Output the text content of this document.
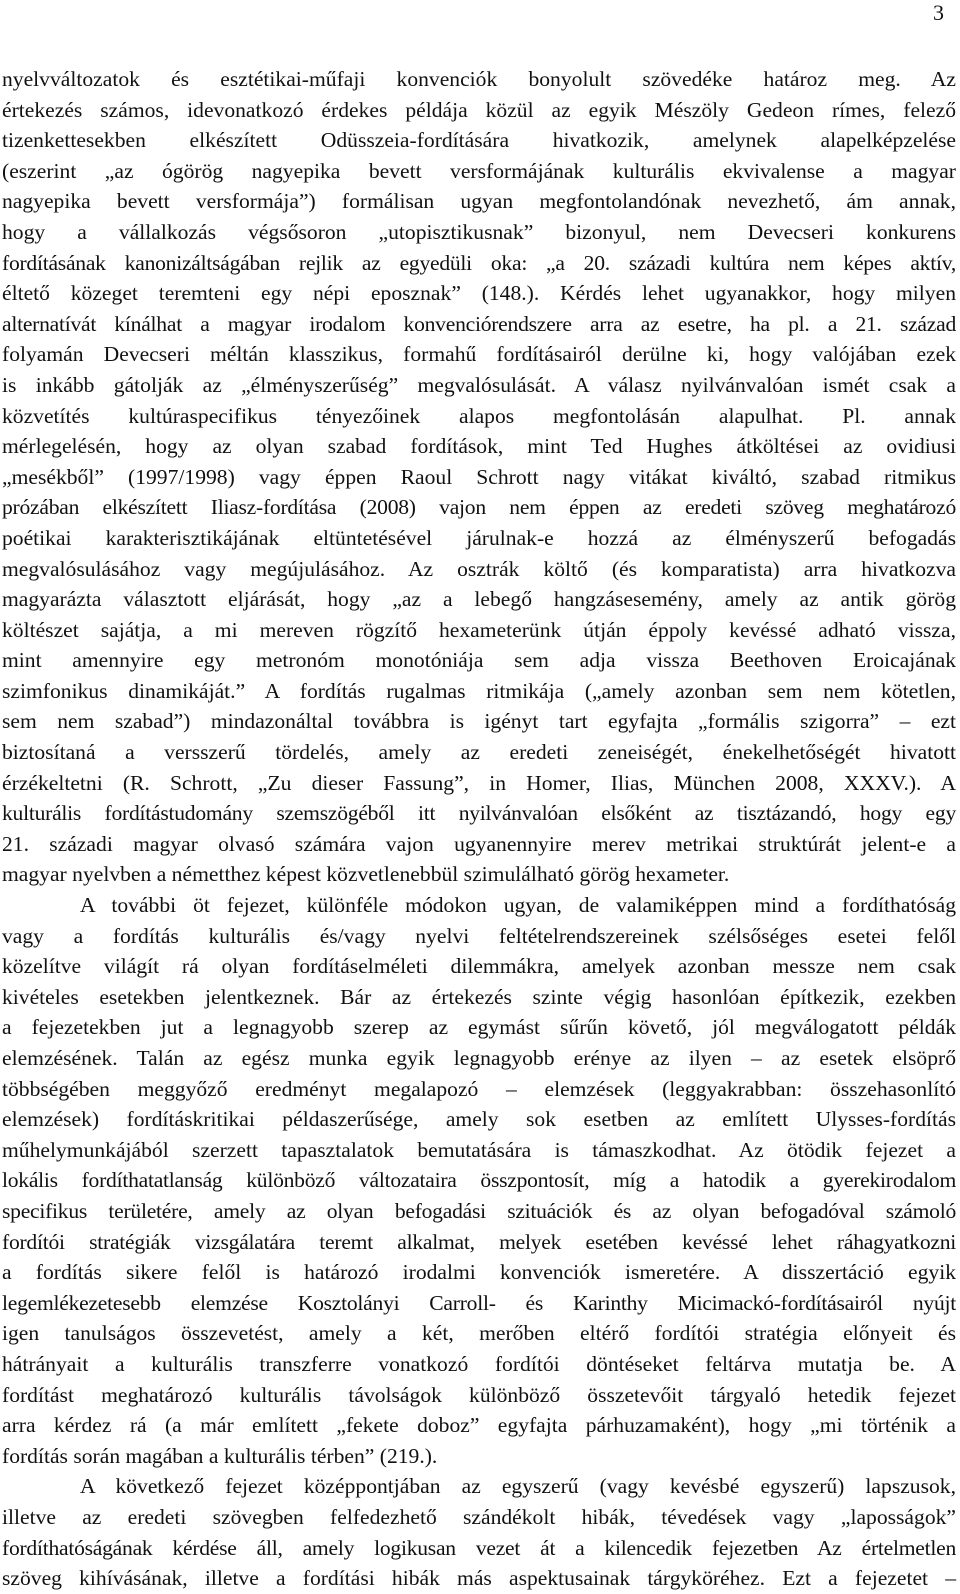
3
nyelvváltozatok és esztétikai-műfaji konvenciók bonyolult szövedéke határoz meg. Az
értekezés számos, idevonatkozó érdekes példája közül az egyik Mészöly Gedeon rímes, felező
tizenkettesekben elkészített Odüsszeia-fordítására hivatkozik, amelynek alapelképzelése
(eszerint „az ógörög nagyepika bevett versformájának kulturális ekvivalense a magyar
nagyepika bevett versformája”) formálisan ugyan megfontolandónak nevezhető, ám annak,
hogy a vállalkozás végsősoron „utopisztikusnak” bizonyul, nem Devecseri konkurens
fordításának kanonizáltságában rejlik az egyedüli oka: „a 20. századi kultúra nem képes aktív,
éltető közeget teremteni egy népi eposznak” (148.). Kérdés lehet ugyanakkor, hogy milyen
alternatívát kínálhat a magyar irodalom konvenciórendszere arra az esetre, ha pl. a 21. század
folyamán Devecseri méltán klasszikus, formahű fordításairól derülne ki, hogy valójában ezek
is inkább gátolják az „élményszerűség” megvalósulását. A válasz nyilvánvalóan ismét csak a
közvetítés kultúraspecifikus tényezőinek alapos megfontolásán alapulhat. Pl. annak
mérlegelésén, hogy az olyan szabad fordítások, mint Ted Hughes átköltései az ovidiusi
„mesékből” (1997/1998) vagy éppen Raoul Schrott nagy vitákat kiváltó, szabad ritmikus
prózában elkészített Iliasz-fordítása (2008) vajon nem éppen az eredeti szöveg meghatározó
poétikai karakterisztikájának eltüntetésével járulnak-e hozzá az élményszerű befogadás
megvalósulásához vagy megújulásához. Az osztrák költő (és komparatista) arra hivatkozva
magyarázta választott eljárását, hogy „az a lebegő hangzásesemény, amely az antik görög
költészet sajátja, a mi mereven rögzítő hexameterünk útján éppoly kevéssé adható vissza,
mint amennyire egy metronóm monotóniája sem adja vissza Beethoven Eroicajának
szimfonikus dinamikáját.” A fordítás rugalmas ritmikája („amely azonban sem nem kötetlen,
sem nem szabad”) mindazonáltal továbbra is igényt tart egyfajta „formális szigorra” – ezt
biztosítaná a versszerű tördelés, amely az eredeti zeneiségét, énekelhetőségét hivatott
érzékeltetni (R. Schrott, „Zu dieser Fassung”, in Homer, Ilias, München 2008, XXXV.). A
kulturális fordítástudomány szemszögéből itt nyilvánvalóan elsőként az tisztázandó, hogy egy
21. századi magyar olvasó számára vajon ugyanennyire merev metrikai struktúrát jelent-e a
magyar nyelvben a németthez képest közvetlenebbül szimulálható görög hexameter.
A további öt fejezet, különféle módokon ugyan, de valamiképpen mind a fordíthatóság
vagy a fordítás kulturális és/vagy nyelvi feltételrendszereinek szélsőséges esetei felől
közelítve világít rá olyan fordításelméleti dilemmákra, amelyek azonban messze nem csak
kivételes esetekben jelentkeznek. Bár az értekezés szinte végig hasonlóan építkezik, ezekben
a fejezetekben jut a legnagyobb szerep az egymást sűrűn követő, jól megválogatott példák
elemzésének. Talán az egész munka egyik legnagyobb erénye az ilyen – az esetek elsöprő
többségében meggyőző eredményt megalapozó – elemzések (leggyakrabban: összehasonlító
elemzések) fordításkritikai példaszerűsége, amely sok esetben az említett Ulysses-fordítás
műhelymunkájából szerzett tapasztalatok bemutatására is támaszkodhat. Az ötödik fejezet a
lokális fordíthatatlanság különböző változataira összpontosít, míg a hatodik a gyerekirodalom
specifikus területére, amely az olyan befogadási szituációk és az olyan befogadóval számoló
fordítói stratégiák vizsgálatára teremt alkalmat, melyek esetében kevéssé lehet ráhagyatkozni
a fordítás sikere felől is határozó irodalmi konvenciók ismeretére. A disszertáció egyik
legemlékezetesebb elemzése Kosztolányi Carroll- és Karinthy Micimackó-fordításairól nyújt
igen tanulságos összevetést, amely a két, merőben eltérő fordítói stratégia előnyeit és
hátrányait a kulturális transzferre vonatkozó fordítói döntéseket feltárva mutatja be. A
fordítást meghatározó kulturális távolságok különböző összetevőit tárgyaló hetedik fejezet
arra kérdez rá (a már említett „fekete doboz” egyfajta párhuzamaként), hogy „mi történik a
fordítás során magában a kulturális térben” (219.).
A következő fejezet középpontjában az egyszerű (vagy kevésbé egyszerű) lapszusok,
illetve az eredeti szövegben felfedezhető szándékolt hibák, tévedések vagy „laposságok”
fordíthatóságának kérdése áll, amely logikusan vezet át a kilencedik fejezetben Az értelmetlen
szöveg kihívásának, illetve a fordítási hibák más aspektusainak tárgyköréhez. Ezt a fejezetet –
